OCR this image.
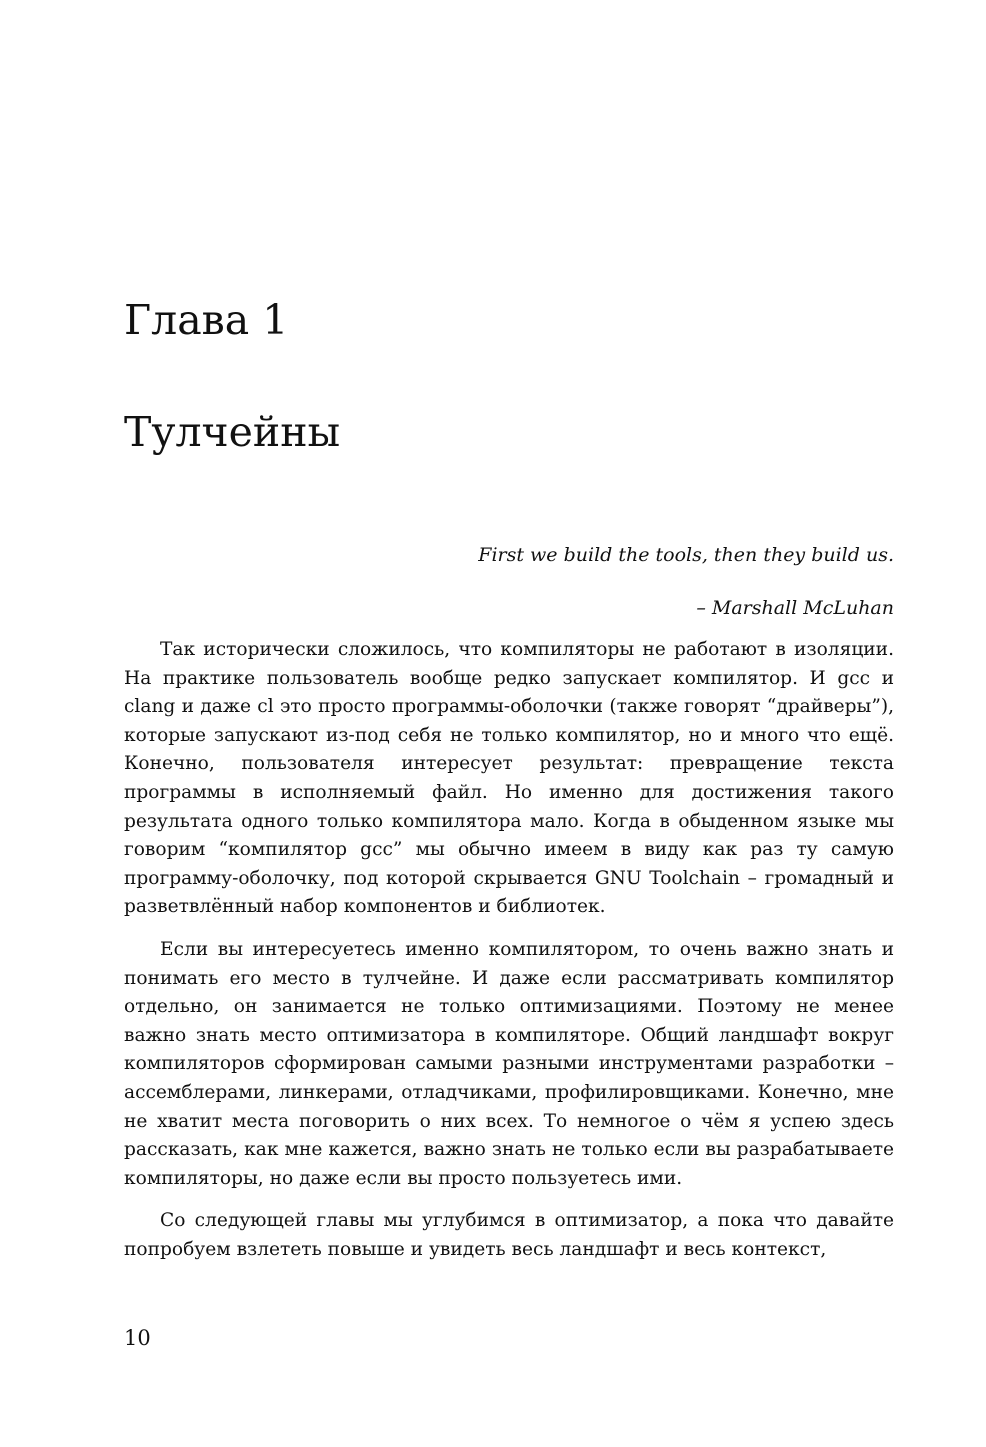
Глава 1
Тулчейны
First we build the tools, then they build us.
– Marshall McLuhan

Так исторически сложилось, что компиляторы не работают в изоляции. На практике пользователь вообще редко запускает компилятор. И gcc и clang и даже cl это просто программы-оболочки (также говорят “драйверы”), которые запускают из-под себя не только компилятор, но и много что ещё. Конечно, пользователя интересует результат: превращение текста программы в исполняемый файл. Но именно для достижения такого результата одного только компилятора мало. Когда в обыденном языке мы говорим “компилятор gcc” мы обычно имеем в виду как раз ту самую программу-оболочку, под которой скрывается GNU Toolchain – громадный и разветвлённый набор компонентов и библиотек.

Если вы интересуетесь именно компилятором, то очень важно знать и понимать его место в тулчейне. И даже если рассматривать компилятор отдельно, он занимается не только оптимизациями. Поэтому не менее важно знать место оптимизатора в компиляторе. Общий ландшафт вокруг компиляторов сформирован самыми разными инструментами разработки – ассемблерами, линкерами, отладчиками, профилировщиками. Конечно, мне не хватит места поговорить о них всех. То немногое о чём я успею здесь рассказать, как мне кажется, важно знать не только если вы разрабатываете компиляторы, но даже если вы просто пользуетесь ими.

Со следующей главы мы углубимся в оптимизатор, а пока что давайте попробуем взлететь повыше и увидеть весь ландшафт и весь контекст,

10
